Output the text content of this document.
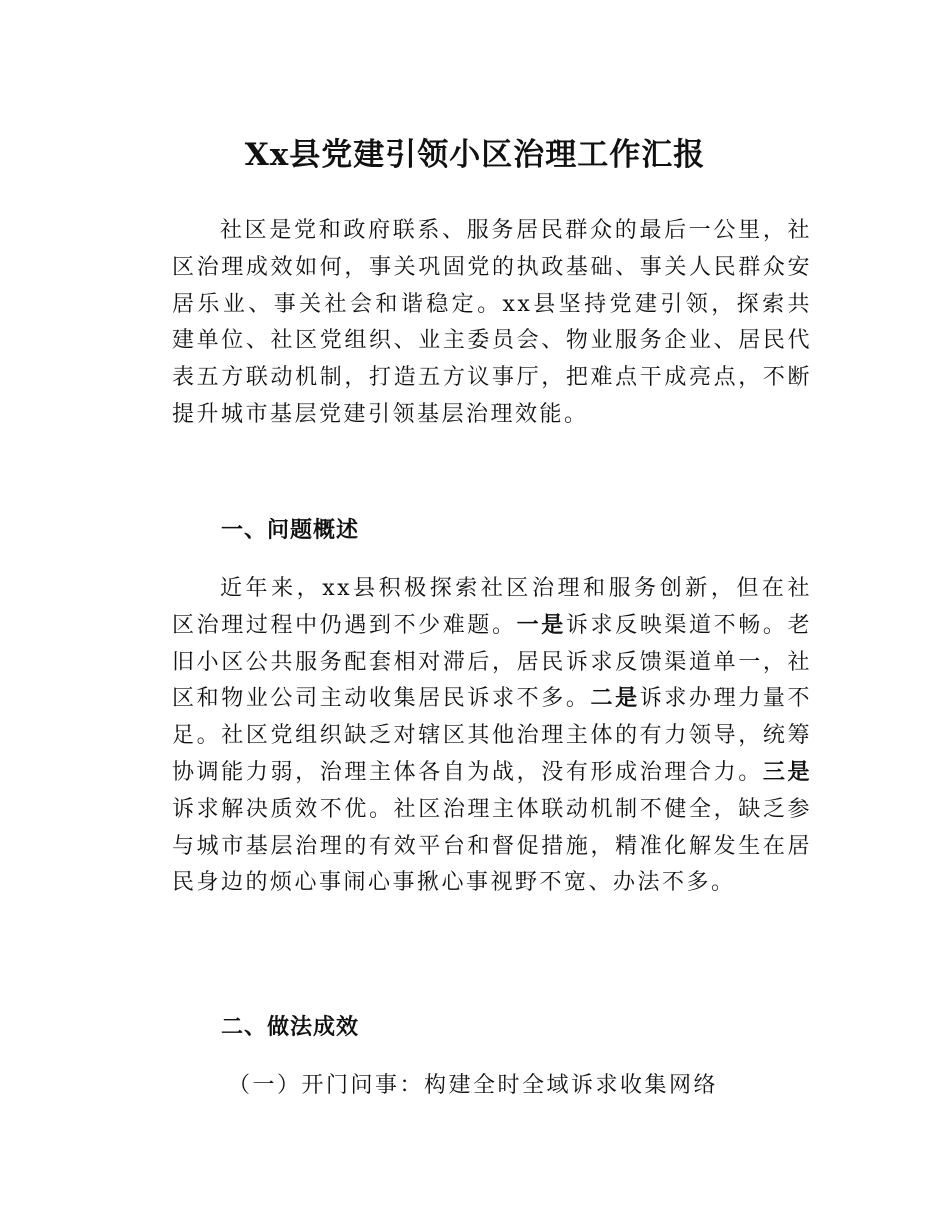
Xx县党建引领小区治理工作汇报

社区是党和政府联系、服务居民群众的最后一公里，社区治理成效如何，事关巩固党的执政基础、事关人民群众安居乐业、事关社会和谐稳定。xx县坚持党建引领，探索共建单位、社区党组织、业主委员会、物业服务企业、居民代表五方联动机制，打造五方议事厅，把难点干成亮点，不断提升城市基层党建引领基层治理效能。

一、问题概述

近年来，xx县积极探索社区治理和服务创新，但在社区治理过程中仍遇到不少难题。一是诉求反映渠道不畅。老旧小区公共服务配套相对滞后，居民诉求反馈渠道单一，社区和物业公司主动收集居民诉求不多。二是诉求办理力量不足。社区党组织缺乏对辖区其他治理主体的有力领导，统筹协调能力弱，治理主体各自为战，没有形成治理合力。三是诉求解决质效不优。社区治理主体联动机制不健全，缺乏参与城市基层治理的有效平台和督促措施，精准化解发生在居民身边的烦心事闹心事揪心事视野不宽、办法不多。

二、做法成效

（一）开门问事：构建全时全域诉求收集网络
